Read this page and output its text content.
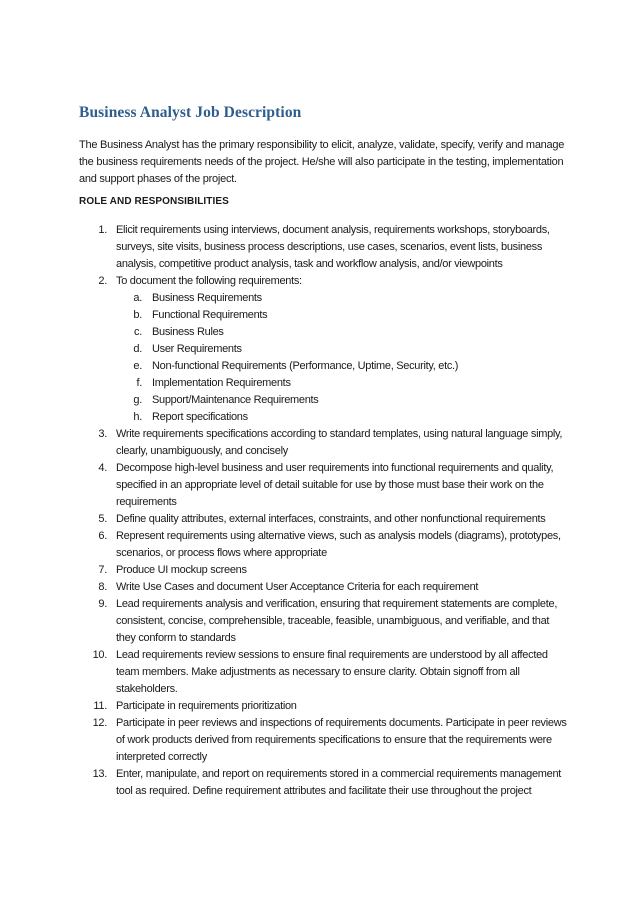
Business Analyst Job Description
The Business Analyst has the primary responsibility to elicit, analyze, validate, specify, verify and manage the business requirements needs of the project. He/she will also participate in the testing, implementation and support phases of the project.
ROLE AND RESPONSIBILITIES
1. Elicit requirements using interviews, document analysis, requirements workshops, storyboards, surveys, site visits, business process descriptions, use cases, scenarios, event lists, business analysis, competitive product analysis, task and workflow analysis, and/or viewpoints
2. To document the following requirements:
a. Business Requirements
b. Functional Requirements
c. Business Rules
d. User Requirements
e. Non-functional Requirements (Performance, Uptime, Security, etc.)
f. Implementation Requirements
g. Support/Maintenance Requirements
h. Report specifications
3. Write requirements specifications according to standard templates, using natural language simply, clearly, unambiguously, and concisely
4. Decompose high-level business and user requirements into functional requirements and quality, specified in an appropriate level of detail suitable for use by those must base their work on the requirements
5. Define quality attributes, external interfaces, constraints, and other nonfunctional requirements
6. Represent requirements using alternative views, such as analysis models (diagrams), prototypes, scenarios, or process flows where appropriate
7. Produce UI mockup screens
8. Write Use Cases and document User Acceptance Criteria for each requirement
9. Lead requirements analysis and verification, ensuring that requirement statements are complete, consistent, concise, comprehensible, traceable, feasible, unambiguous, and verifiable, and that they conform to standards
10. Lead requirements review sessions to ensure final requirements are understood by all affected team members. Make adjustments as necessary to ensure clarity. Obtain signoff from all stakeholders.
11. Participate in requirements prioritization
12. Participate in peer reviews and inspections of requirements documents. Participate in peer reviews of work products derived from requirements specifications to ensure that the requirements were interpreted correctly
13. Enter, manipulate, and report on requirements stored in a commercial requirements management tool as required. Define requirement attributes and facilitate their use throughout the project
